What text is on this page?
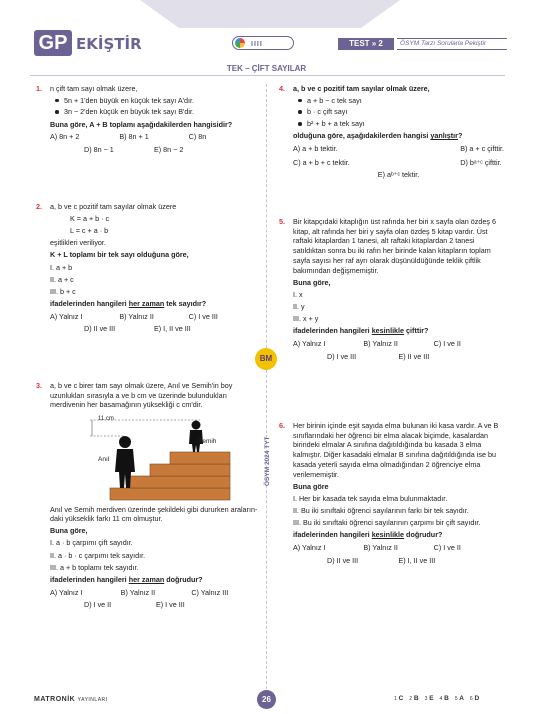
GP EKİŞTİR	IIII	TEST » 2	ÖSYM Tarzı Sorularla Pekiştir
TEK – ÇİFT SAYILAR
1.	n çift tam sayı olmak üzere,
5n + 1'den büyük en küçük tek sayı A'dır.
3n − 2'den küçük en büyük tek sayı B'dir.
Buna göre, A + B toplamı aşağıdakilerden hangisidir?
A) 8n + 2	B) 8n + 1	C) 8n
D) 8n − 1	E) 8n − 2
2.	a, b ve c pozitif tam sayılar olmak üzere
K = a + b · c
L = c + a · b
eşitlikleri veriliyor.
K + L toplamı bir tek sayı olduğuna göre,
I. a + b
II. a + c
III. b + c
ifadelerinden hangileri her zaman tek sayıdır?
A) Yalnız I	B) Yalnız II	C) I ve III
D) II ve III	E) I, II ve III
3.	a, b ve c birer tam sayı olmak üzere, Anıl ve Semih'in boy uzunlukları sırasıyla a ve b cm ve üzerinde bulundukları merdivenin her basamağının yüksekliği c cm'dir.
11 cm
Semih
Anıl
Anıl ve Semih merdiven üzerinde şekildeki gibi dururken aralarındaki yükseklik farkı 11 cm olmuştur.
Buna göre,
I. a · b çarpımı çift sayıdır.
II. a · b · c çarpımı tek sayıdır.
III. a + b toplamı tek sayıdır.
ifadelerinden hangileri her zaman doğrudur?
A) Yalnız I	B) Yalnız II	C) Yalnız III
D) I ve II	E) I ve III
4.	a, b ve c pozitif tam sayılar olmak üzere,
a + b − c tek sayı
b · c çift sayı
b² + b + a tek sayı
olduğuna göre, aşağıdakilerden hangisi yanlıştır?
A) a + b tektir.	B) a + c çifttir.
C) a + b + c tektir.	D) bᵃ⁺ᶜ çifttir.
E) aᵇ⁺ᶜ tektir.
5.	Bir kitapçıdaki kitaplığın üst rafında her biri x sayfa olan özdeş 6 kitap, alt rafında her biri y sayfa olan özdeş 5 kitap vardır. Üst raftaki kitaplardan 1 tanesi, alt raftaki kitaplardan 2 tanesi satıldıktan sonra bu iki rafın her birinde kalan kitapların toplam sayfa sayısı her raf ayrı olarak düşünüldüğünde teklik çiftlik bakımından değişmemiştir.
Buna göre,
I. x
II. y
III. x + y
ifadelerinden hangileri kesinlikle çifttir?
A) Yalnız I	B) Yalnız II	C) I ve II
D) I ve III	E) II ve III
6.	Her birinin içinde eşit sayıda elma bulunan iki kasa vardır. A ve B sınıflarındaki her öğrenci bir elma alacak biçimde, kasalardan birindeki elmalar A sınıfına dağıtıldığında bu kasada 3 elma kalmıştır. Diğer kasadaki elmalar B sınıfına dağıtıldığında ise bu kasada yeterli sayıda elma olmadığından 2 öğrenciye elma verilememiştir.
Buna göre
I. Her bir kasada tek sayıda elma bulunmaktadır.
II. Bu iki sınıftaki öğrenci sayılarının farkı bir tek sayıdır.
III. Bu iki sınıftaki öğrenci sayılarının çarpımı bir çift sayıdır.
ifadelerinden hangileri kesinlikle doğrudur?
A) Yalnız I	B) Yalnız II	C) I ve II
D) II ve III	E) I, II ve III
BM
ÖSYM 2024 TYT
MATRONİK YAYINLARI	26	1 C 2 B 3 E 4 B 5 A 6 D
